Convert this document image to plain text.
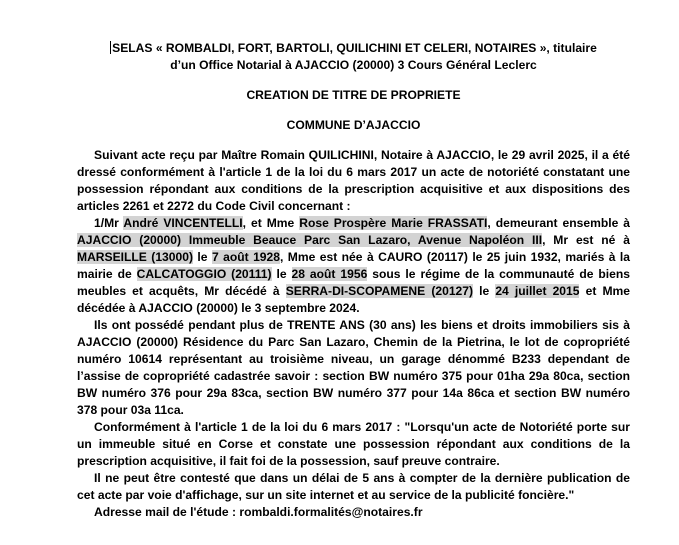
SELAS « ROMBALDI, FORT, BARTOLI, QUILICHINI ET CELERI, NOTAIRES », titulaire
d’un Office Notarial à AJACCIO (20000) 3 Cours Général Leclerc
CREATION DE TITRE DE PROPRIETE
COMMUNE D’AJACCIO

Suivant acte reçu par Maître Romain QUILICHINI, Notaire à AJACCIO, le 29 avril 2025, il a été dressé conformément à l'article 1 de la loi du 6 mars 2017 un acte de notoriété constatant une possession répondant aux conditions de la prescription acquisitive et aux dispositions des articles 2261 et 2272 du Code Civil concernant :

1/Mr André VINCENTELLI, et Mme Rose Prospère Marie FRASSATI, demeurant ensemble à AJACCIO (20000) Immeuble Beauce Parc San Lazaro, Avenue Napoléon III, Mr est né à MARSEILLE (13000) le 7 août 1928, Mme est née à CAURO (20117) le 25 juin 1932, mariés à la mairie de CALCATOGGIO (20111) le 28 août 1956 sous le régime de la communauté de biens meubles et acquêts, Mr décédé à SERRA-DI-SCOPAMENE (20127) le 24 juillet 2015 et Mme décédée à AJACCIO (20000) le 3 septembre 2024.

Ils ont possédé pendant plus de TRENTE ANS (30 ans) les biens et droits immobiliers sis à AJACCIO (20000) Résidence du Parc San Lazaro, Chemin de la Pietrina, le lot de copropriété numéro 10614 représentant au troisième niveau, un garage dénommé B233 dependant de l’assise de copropriété cadastrée savoir : section BW numéro 375 pour 01ha 29a 80ca, section BW numéro 376 pour 29a 83ca, section BW numéro 377 pour 14a 86ca et section BW numéro 378 pour 03a 11ca.

Conformément à l'article 1 de la loi du 6 mars 2017 : "Lorsqu'un acte de Notoriété porte sur un immeuble situé en Corse et constate une possession répondant aux conditions de la prescription acquisitive, il fait foi de la possession, sauf preuve contraire.

Il ne peut être contesté que dans un délai de 5 ans à compter de la dernière publication de cet acte par voie d'affichage, sur un site internet et au service de la publicité foncière."

Adresse mail de l'étude : rombaldi.formalités@notaires.fr
